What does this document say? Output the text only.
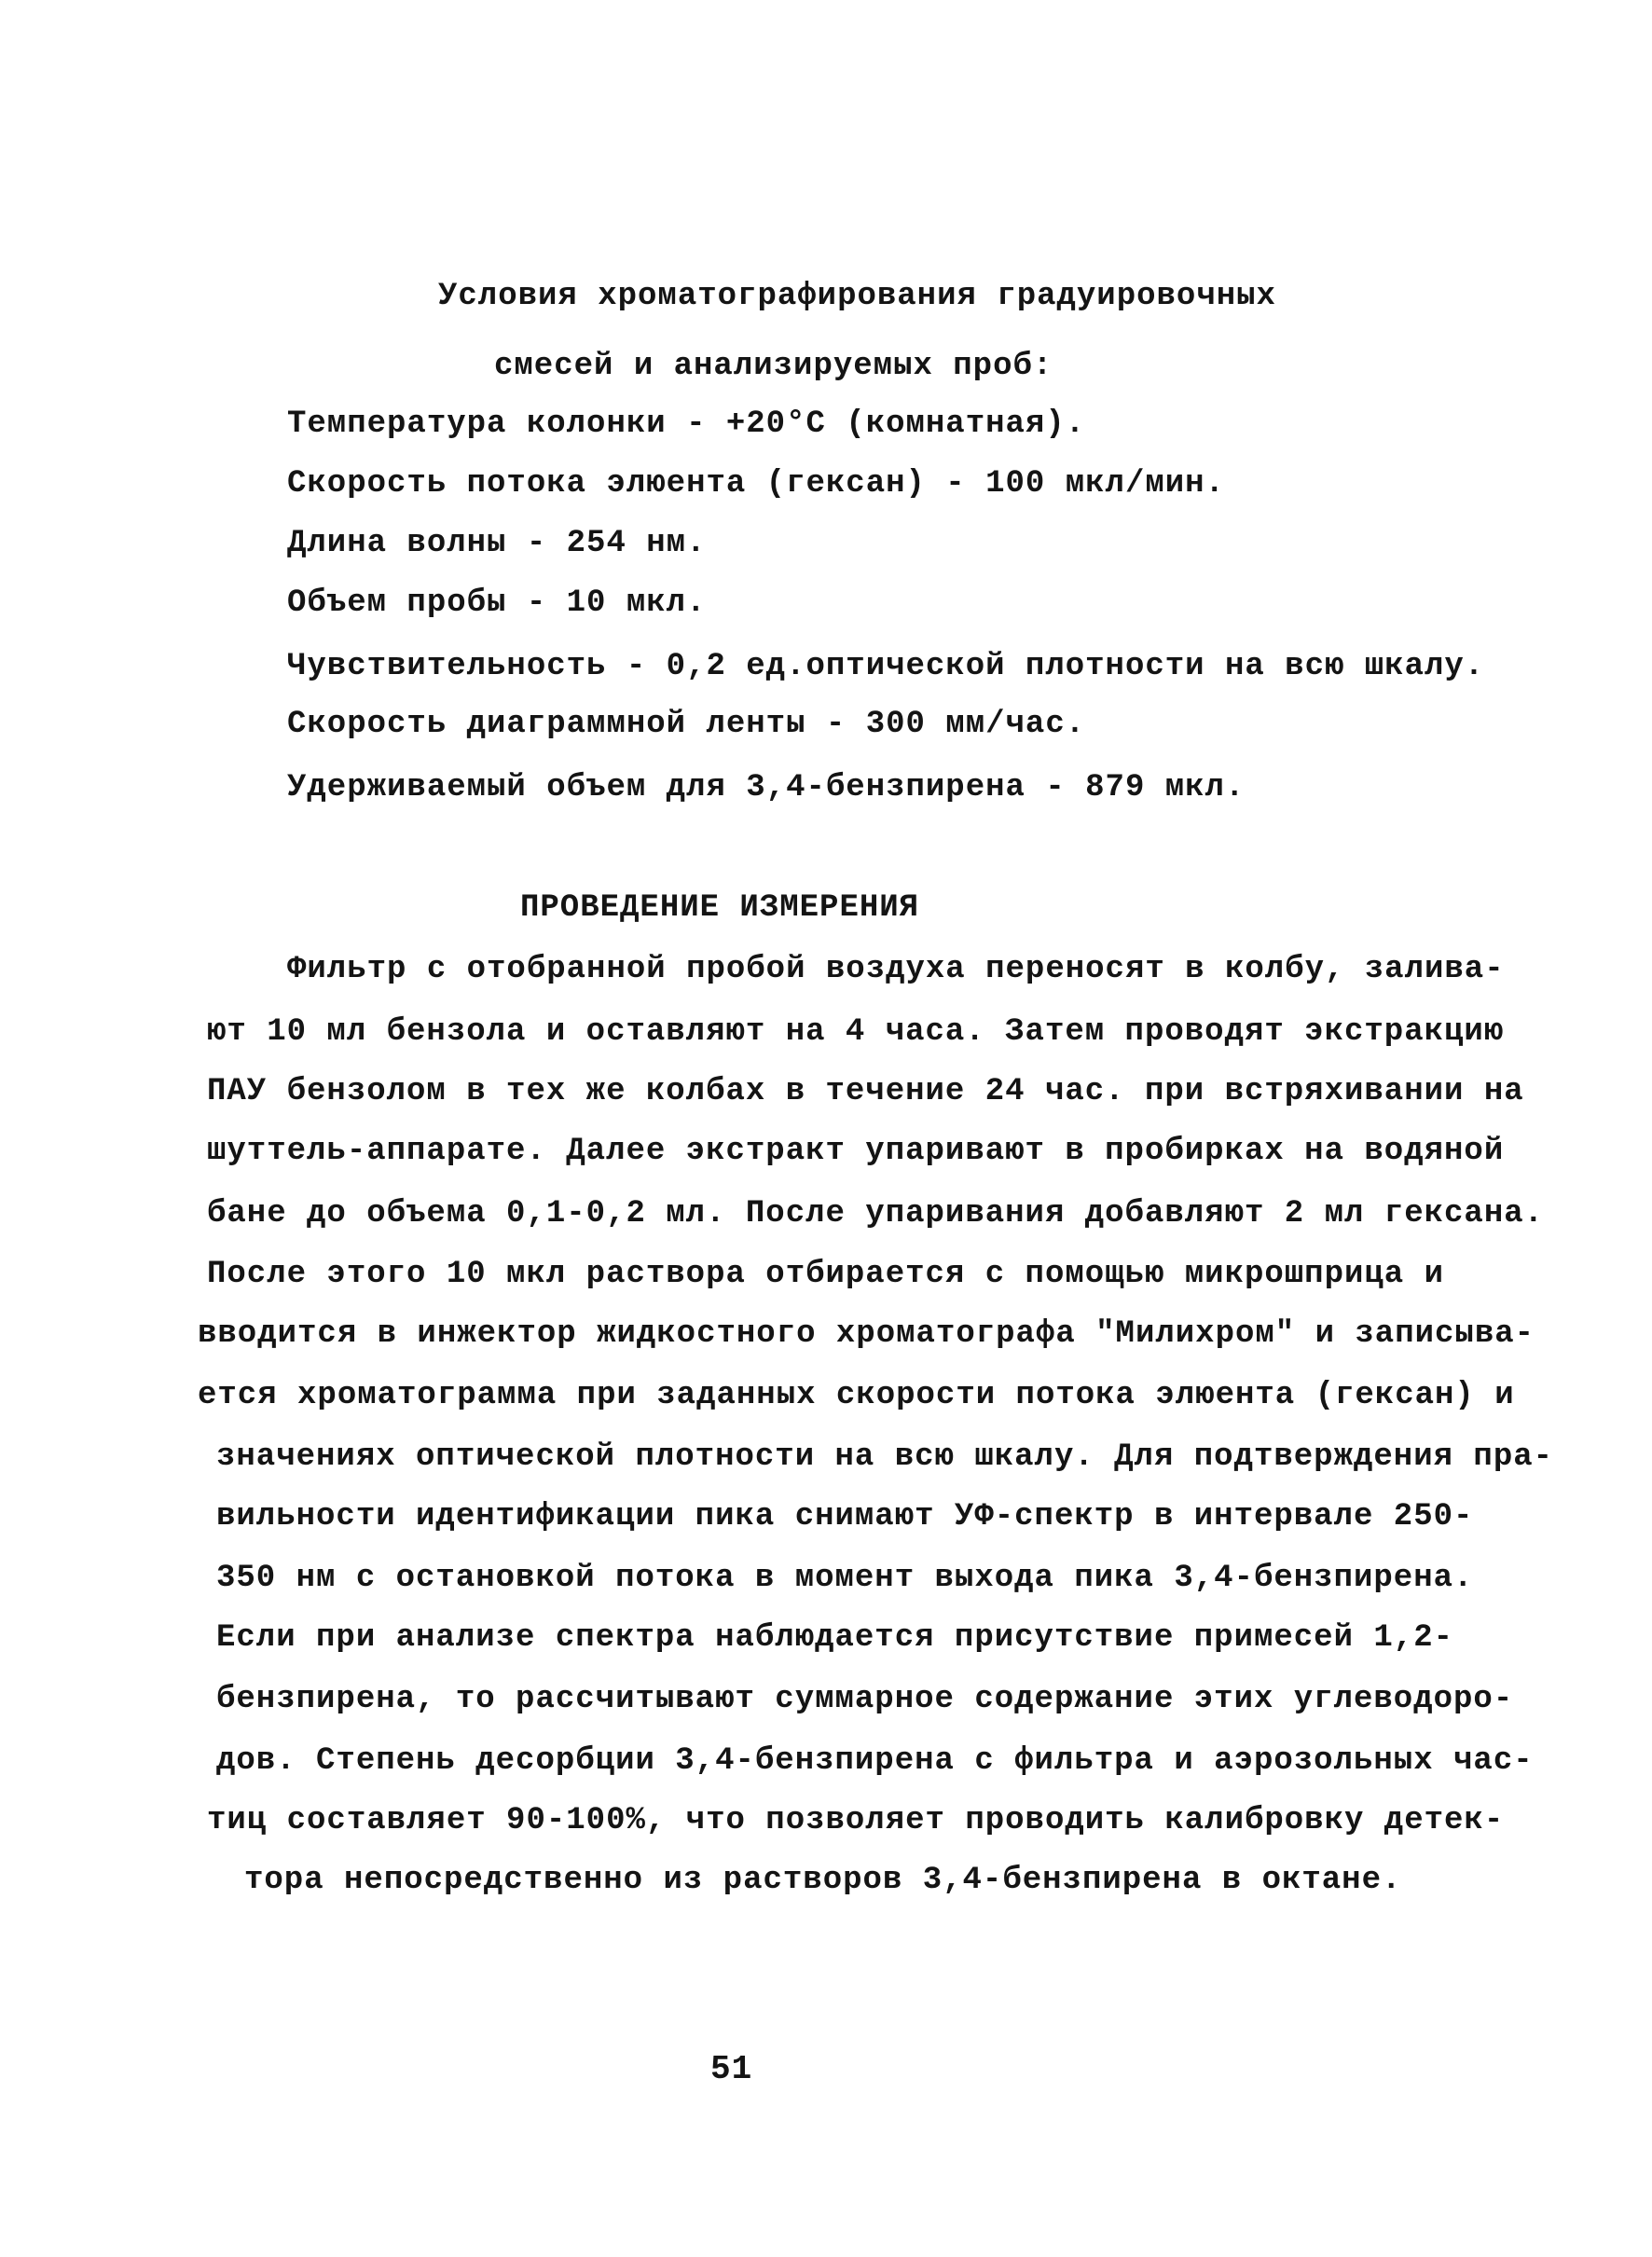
Условия хроматографирования градуировочных
смесей и анализируемых проб:
Температура колонки - +20°С (комнатная).
Скорость потока элюента (гексан) - 100 мкл/мин.
Длина волны - 254 нм.
Объем пробы - 10 мкл.
Чувствительность - 0,2 ед.оптической плотности на всю шкалу.
Скорость диаграммной ленты - 300 мм/час.
Удерживаемый объем для 3,4-бензпирена - 879 мкл.
ПРОВЕДЕНИЕ ИЗМЕРЕНИЯ
Фильтр с отобранной пробой воздуха переносят в колбу, залива-
ют 10 мл бензола и оставляют на 4 часа. Затем проводят экстракцию
ПАУ бензолом в тех же колбах в течение 24 час. при встряхивании на
шуттель-аппарате. Далее экстракт упаривают в пробирках на водяной
бане до объема 0,1-0,2 мл. После упаривания добавляют 2 мл гексана.
После этого 10 мкл раствора отбирается с помощью микрошприца и
вводится в инжектор жидкостного хроматографа "Милихром" и записыва-
ется хроматограмма при заданных скорости потока элюента (гексан) и
значениях оптической плотности на всю шкалу. Для подтверждения пра-
вильности идентификации пика снимают УФ-спектр в интервале 250-
350 нм с остановкой потока в момент выхода пика 3,4-бензпирена.
Если при анализе спектра наблюдается присутствие примесей 1,2-
бензпирена, то рассчитывают суммарное содержание этих углеводоро-
дов. Степень десорбции 3,4-бензпирена с фильтра и аэрозольных час-
тиц составляет 90-100%, что позволяет проводить калибровку детек-
тора непосредственно из растворов 3,4-бензпирена в октане.
51
